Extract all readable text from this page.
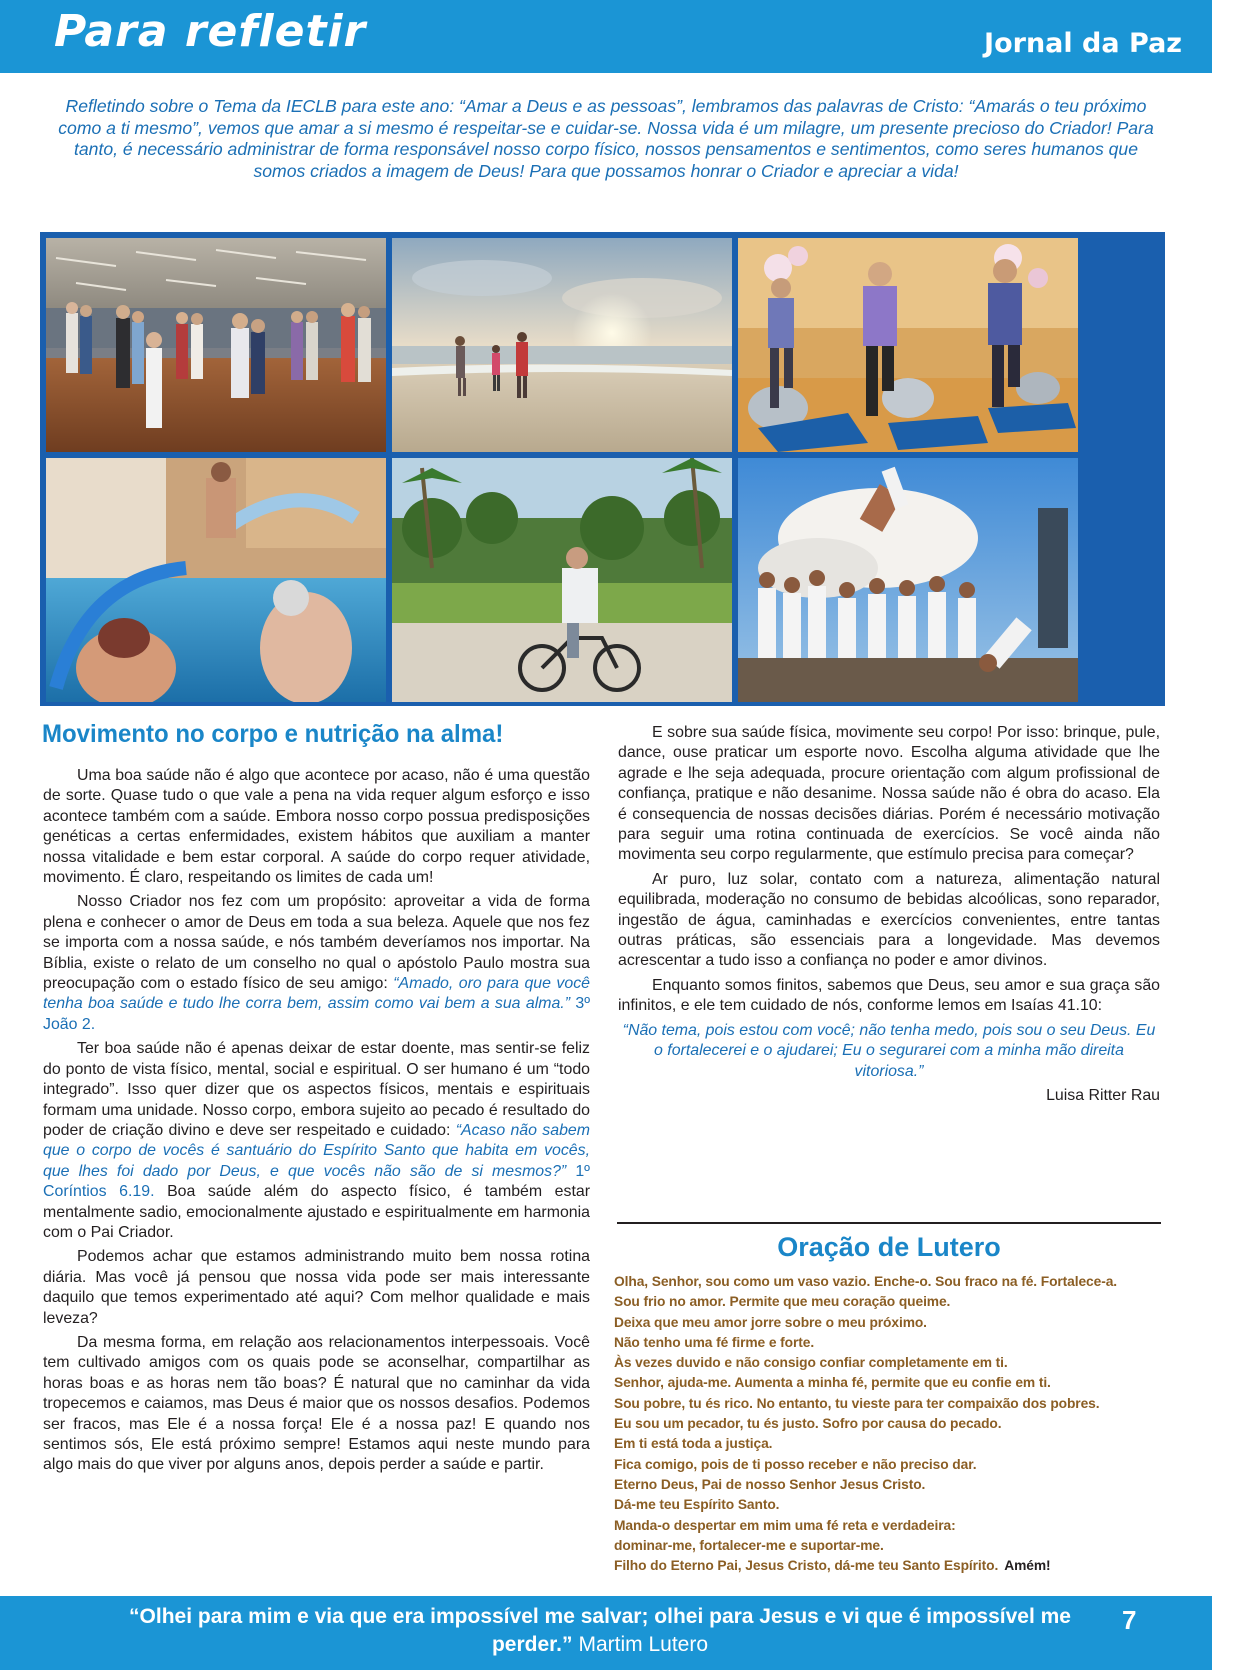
Para refletir	Jornal da Paz
Refletindo sobre o Tema da IECLB para este ano: “Amar a Deus e as pessoas”, lembramos das palavras de Cristo: “Amarás o teu próximo como a ti mesmo”, vemos que amar a si mesmo é respeitar-se e cuidar-se. Nossa vida é um milagre, um presente precioso do Criador! Para tanto, é necessário administrar de forma responsável nosso corpo físico, nossos pensamentos e sentimentos, como seres humanos que somos criados a imagem de Deus! Para que possamos honrar o Criador e apreciar a vida!
Movimento no corpo e nutrição na alma!

Uma boa saúde não é algo que acontece por acaso, não é uma questão de sorte. Quase tudo o que vale a pena na vida requer algum esforço e isso acontece também com a saúde. Embora nosso corpo possua predisposições genéticas a certas enfermidades, existem hábitos que auxiliam a manter nossa vitalidade e bem estar corporal. A saúde do corpo requer atividade, movimento. É claro, respeitando os limites de cada um!

Nosso Criador nos fez com um propósito: aproveitar a vida de forma plena e conhecer o amor de Deus em toda a sua beleza. Aquele que nos fez se importa com a nossa saúde, e nós também deveríamos nos importar. Na Bíblia, existe o relato de um conselho no qual o apóstolo Paulo mostra sua preocupação com o estado físico de seu amigo: “Amado, oro para que você tenha boa saúde e tudo lhe corra bem, assim como vai bem a sua alma.” 3º João 2.

Ter boa saúde não é apenas deixar de estar doente, mas sentir-se feliz do ponto de vista físico, mental, social e espiritual. O ser humano é um “todo integrado”. Isso quer dizer que os aspectos físicos, mentais e espirituais formam uma unidade. Nosso corpo, embora sujeito ao pecado é resultado do poder de criação divino e deve ser respeitado e cuidado: “Acaso não sabem que o corpo de vocês é santuário do Espírito Santo que habita em vocês, que lhes foi dado por Deus, e que vocês não são de si mesmos?” 1º Coríntios 6.19. Boa saúde além do aspecto físico, é também estar mentalmente sadio, emocionalmente ajustado e espiritualmente em harmonia com o Pai Criador.

Podemos achar que estamos administrando muito bem nossa rotina diária. Mas você já pensou que nossa vida pode ser mais interessante daquilo que temos experimentado até aqui? Com melhor qualidade e mais leveza?

Da mesma forma, em relação aos relacionamentos interpessoais. Você tem cultivado amigos com os quais pode se aconselhar, compartilhar as horas boas e as horas nem tão boas? É natural que no caminhar da vida tropecemos e caiamos, mas Deus é maior que os nossos desafios. Podemos ser fracos, mas Ele é a nossa força! Ele é a nossa paz! E quando nos sentimos sós, Ele está próximo sempre! Estamos aqui neste mundo para algo mais do que viver por alguns anos, depois perder a saúde e partir.

E sobre sua saúde física, movimente seu corpo! Por isso: brinque, pule, dance, ouse praticar um esporte novo. Escolha alguma atividade que lhe agrade e lhe seja adequada, procure orientação com algum profissional de confiança, pratique e não desanime. Nossa saúde não é obra do acaso. Ela é consequencia de nossas decisões diárias. Porém é necessário motivação para seguir uma rotina continuada de exercícios. Se você ainda não movimenta seu corpo regularmente, que estímulo precisa para começar?

Ar puro, luz solar, contato com a natureza, alimentação natural equilibrada, moderação no consumo de bebidas alcoólicas, sono reparador, ingestão de água, caminhadas e exercícios convenientes, entre tantas outras práticas, são essenciais para a longevidade. Mas devemos acrescentar a tudo isso a confiança no poder e amor divinos.

Enquanto somos finitos, sabemos que Deus, seu amor e sua graça são infinitos, e ele tem cuidado de nós, conforme lemos em Isaías 41.10:

“Não tema, pois estou com você; não tenha medo, pois sou o seu Deus. Eu o fortalecerei e o ajudarei; Eu o segurarei com a minha mão direita vitoriosa.”
Luisa Ritter Rau
Oração de Lutero
Olha, Senhor, sou como um vaso vazio. Enche-o. Sou fraco na fé. Fortalece-a.
Sou frio no amor. Permite que meu coração queime.
Deixa que meu amor jorre sobre o meu próximo.
Não tenho uma fé firme e forte.
Às vezes duvido e não consigo confiar completamente em ti.
Senhor, ajuda-me. Aumenta a minha fé, permite que eu confie em ti.
Sou pobre, tu és rico. No entanto, tu vieste para ter compaixão dos pobres.
Eu sou um pecador, tu és justo. Sofro por causa do pecado.
Em ti está toda a justiça.
Fica comigo, pois de ti posso receber e não preciso dar.
Eterno Deus, Pai de nosso Senhor Jesus Cristo.
Dá-me teu Espírito Santo.
Manda-o despertar em mim uma fé reta e verdadeira:
dominar-me, fortalecer-me e suportar-me.
Filho do Eterno Pai, Jesus Cristo, dá-me teu Santo Espírito. Amém!
“Olhei para mim e via que era impossível me salvar; olhei para Jesus e vi que é impossível me perder.” Martim Lutero
7
